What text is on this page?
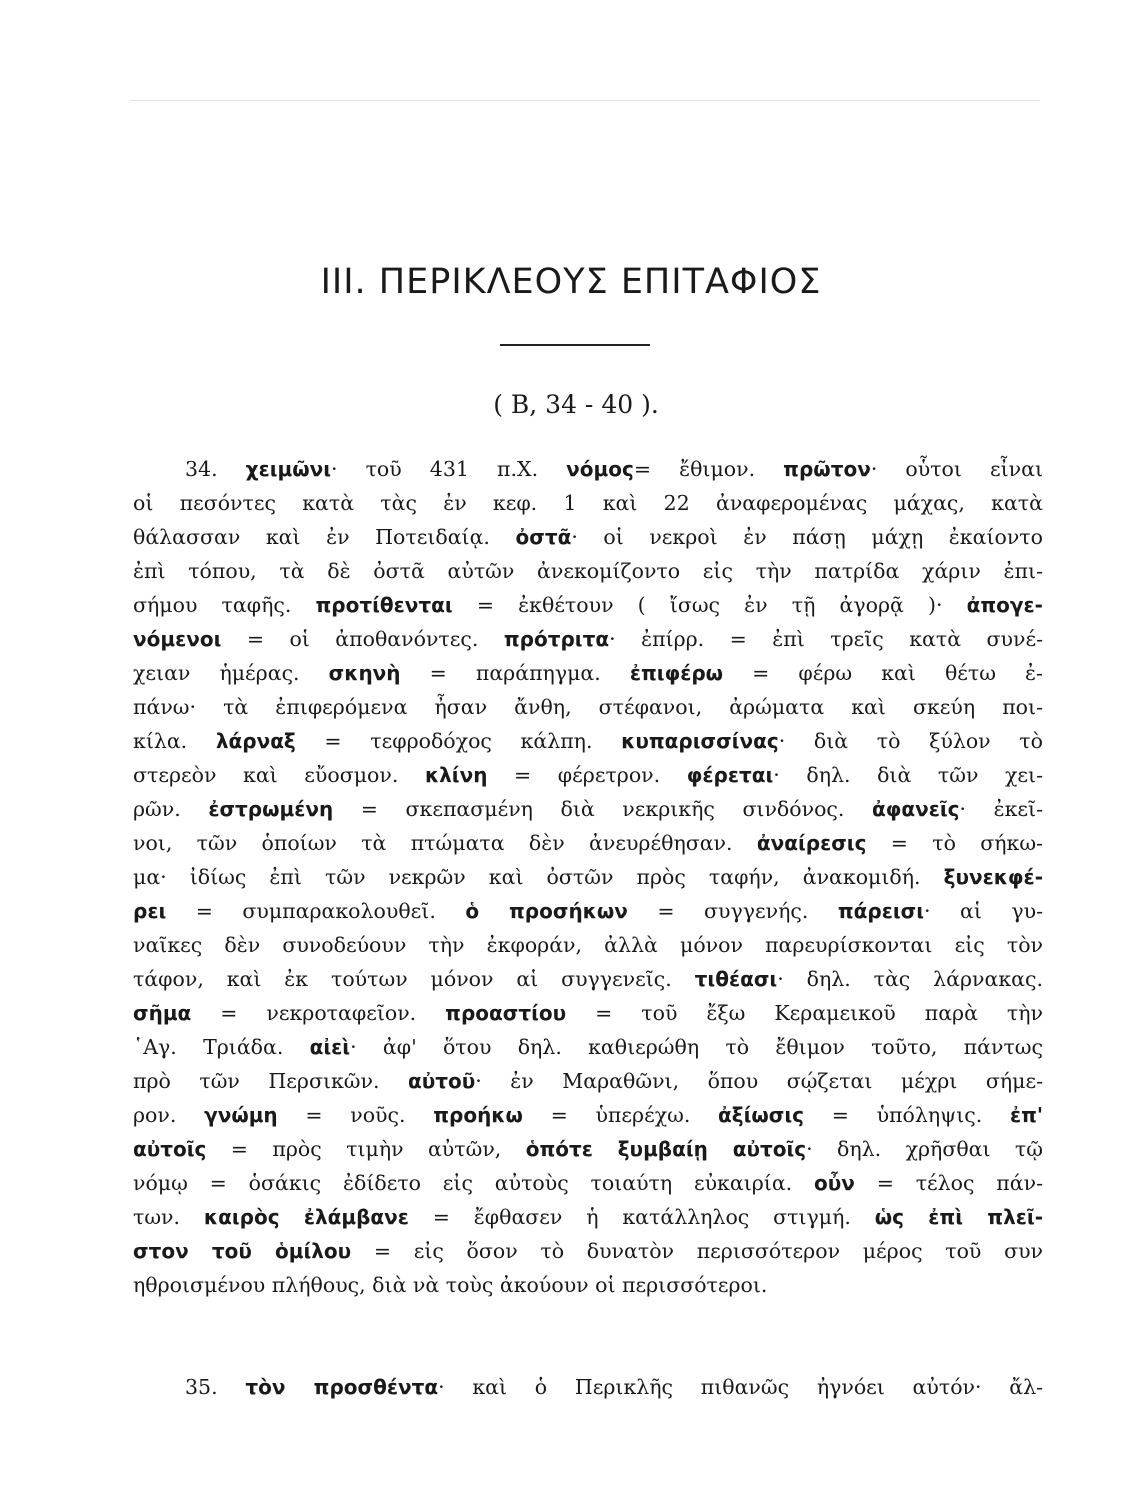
III. ΠΕΡΙΚΛΕΟΥΣ ΕΠΙΤΑΦΙΟΣ
( Β, 34 - 40 ).
34. χειμῶνι· τοῦ 431 π.Χ. νόμος= ἔθιμον. πρῶτον· οὗτοι εἶναι
οἱ πεσόντες κατὰ τὰς ἐν κεφ. 1 καὶ 22 ἀναφερομένας μάχας, κατὰ
θάλασσαν καὶ ἐν Ποτειδαίᾳ. ὀστᾶ· οἱ νεκροὶ ἐν πάσῃ μάχῃ ἐκαίοντο
ἐπὶ τόπου, τὰ δὲ ὀστᾶ αὐτῶν ἀνεκομίζοντο εἰς τὴν πατρίδα χάριν ἐπι-
σήμου ταφῆς. προτίθενται = ἐκθέτουν ( ἴσως ἐν τῇ ἀγορᾷ )· ἀπογε-
νόμενοι = οἱ ἀποθανόντες. πρότριτα· ἐπίρρ. = ἐπὶ τρεῖς κατὰ συνέ-
χειαν ἡμέρας. σκηνὴ = παράπηγμα. ἐπιφέρω = φέρω καὶ θέτω ἐ-
πάνω· τὰ ἐπιφερόμενα ἦσαν ἄνθη, στέφανοι, ἀρώματα καὶ σκεύη ποι-
κίλα. λάρναξ = τεφροδόχος κάλπη. κυπαρισσίνας· διὰ τὸ ξύλον τὸ
στερεὸν καὶ εὔοσμον. κλίνη = φέρετρον. φέρεται· δηλ. διὰ τῶν χει-
ρῶν. ἐστρωμένη = σκεπασμένη διὰ νεκρικῆς σινδόνος. ἀφανεῖς· ἐκεῖ-
νοι, τῶν ὁποίων τὰ πτώματα δὲν ἀνευρέθησαν. ἀναίρεσις = τὸ σήκω-
μα· ἰδίως ἐπὶ τῶν νεκρῶν καὶ ὀστῶν πρὸς ταφήν, ἀνακομιδή. ξυνεκφέ-
ρει = συμπαρακολουθεῖ. ὁ προσήκων = συγγενής. πάρεισι· αἱ γυ-
ναῖκες δὲν συνοδεύουν τὴν ἐκφοράν, ἀλλὰ μόνον παρευρίσκονται εἰς τὸν
τάφον, καὶ ἐκ τούτων μόνον αἱ συγγενεῖς. τιθέασι· δηλ. τὰς λάρνακας.
σῆμα = νεκροταφεῖον. προαστίου = τοῦ ἔξω Κεραμεικοῦ παρὰ τὴν
῾Αγ. Τριάδα. αἰεὶ· ἀφ' ὅτου δηλ. καθιερώθη τὸ ἔθιμον τοῦτο, πάντως
πρὸ τῶν Περσικῶν. αὐτοῦ· ἐν Μαραθῶνι, ὅπου σῴζεται μέχρι σήμε-
ρον. γνώμη = νοῦς. προήκω = ὑπερέχω. ἀξίωσις = ὑπόληψις. ἐπ'
αὐτοῖς = πρὸς τιμὴν αὐτῶν, ὁπότε ξυμβαίῃ αὐτοῖς· δηλ. χρῆσθαι τῷ
νόμῳ = ὁσάκις ἐδίδετο εἰς αὐτοὺς τοιαύτη εὐκαιρία. οὖν = τέλος πάν-
των. καιρὸς ἐλάμβανε = ἔφθασεν ἡ κατάλληλος στιγμή. ὡς ἐπὶ πλεῖ-
στον τοῦ ὁμίλου = εἰς ὅσον τὸ δυνατὸν περισσότερον μέρος τοῦ συν
ηθροισμένου πλήθους, διὰ νὰ τοὺς ἀκούουν οἱ περισσότεροι.
35. τὸν προσθέντα· καὶ ὁ Περικλῆς πιθανῶς ἠγνόει αὐτόν· ἄλ-
